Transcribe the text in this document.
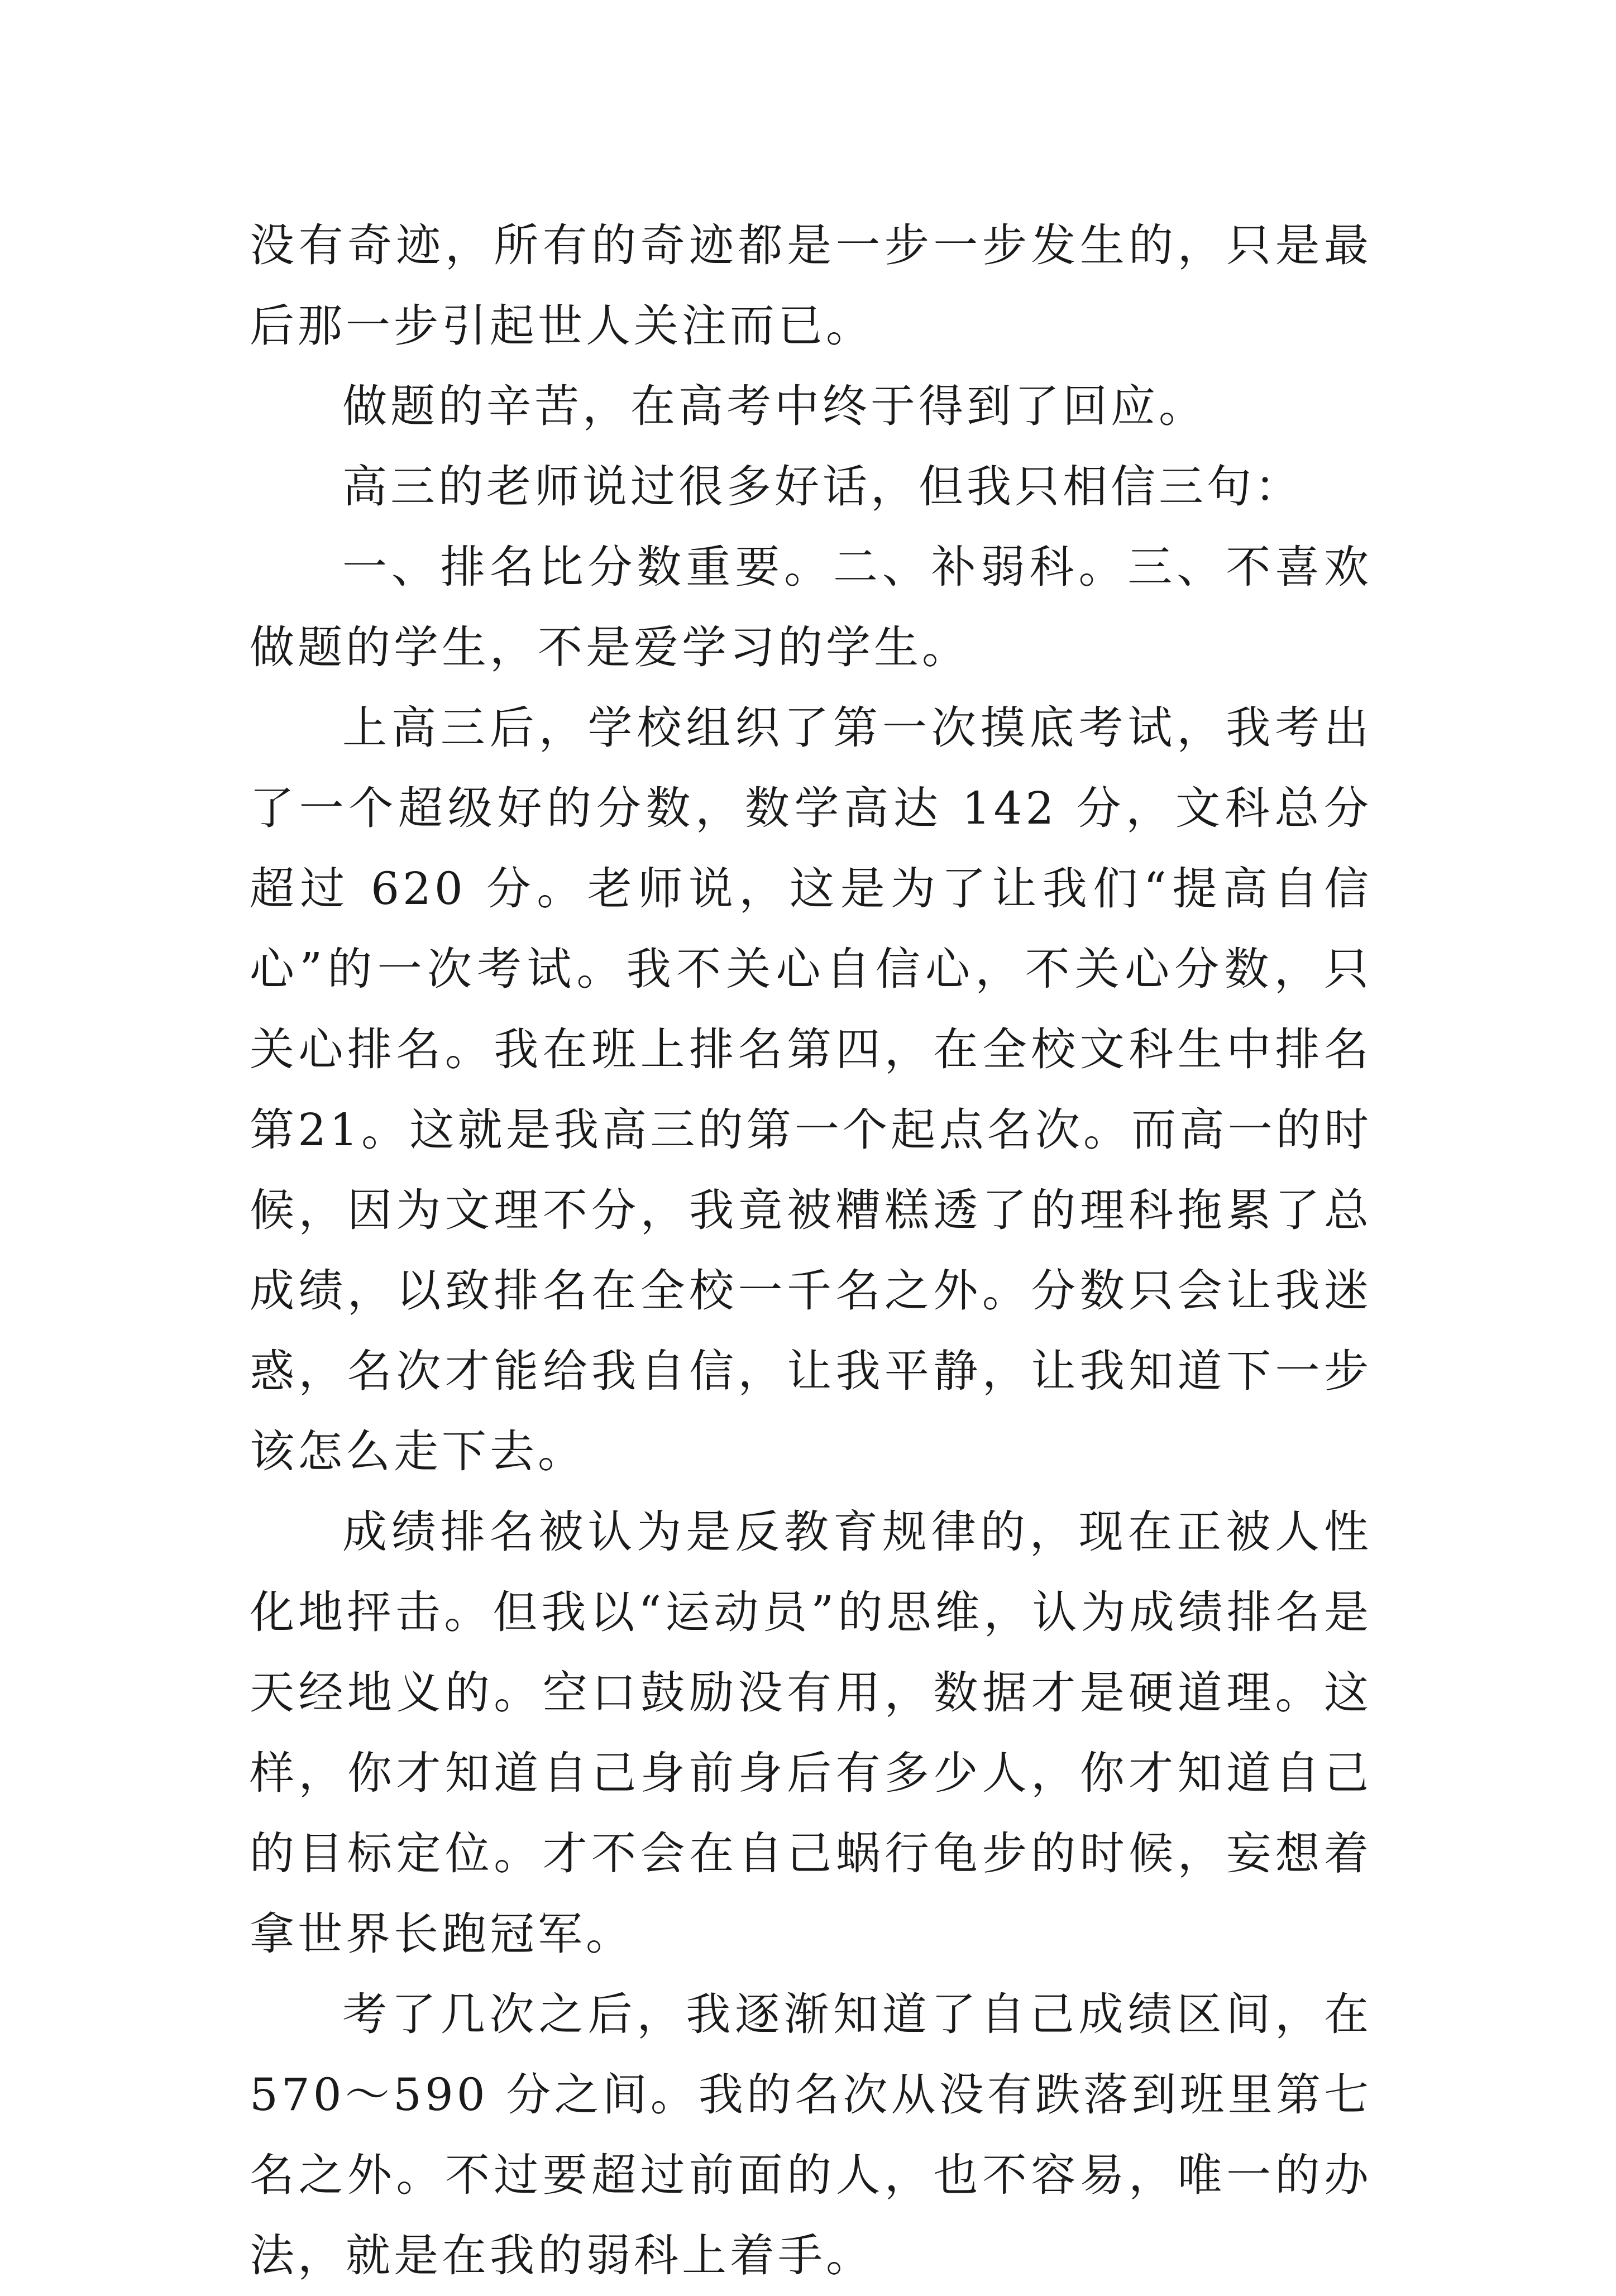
没有奇迹，所有的奇迹都是一步一步发生的，只是最后那一步引起世人关注而已。

做题的辛苦，在高考中终于得到了回应。

高三的老师说过很多好话，但我只相信三句：

一、排名比分数重要。二、补弱科。三、不喜欢做题的学生，不是爱学习的学生。

上高三后，学校组织了第一次摸底考试，我考出了一个超级好的分数，数学高达 142 分，文科总分超过 620 分。老师说，这是为了让我们“提高自信心”的一次考试。我不关心自信心，不关心分数，只关心排名。我在班上排名第四，在全校文科生中排名第21。这就是我高三的第一个起点名次。而高一的时候，因为文理不分，我竟被糟糕透了的理科拖累了总成绩，以致排名在全校一千名之外。分数只会让我迷惑，名次才能给我自信，让我平静，让我知道下一步该怎么走下去。

成绩排名被认为是反教育规律的，现在正被人性化地抨击。但我以“运动员”的思维，认为成绩排名是天经地义的。空口鼓励没有用，数据才是硬道理。这样，你才知道自己身前身后有多少人，你才知道自己的目标定位。才不会在自己蜗行龟步的时候，妄想着拿世界长跑冠军。

考了几次之后，我逐渐知道了自己成绩区间，在 570～590 分之间。我的名次从没有跌落到班里第七名之外。不过要超过前面的人，也不容易，唯一的办法，就是在我的弱科上着手。
